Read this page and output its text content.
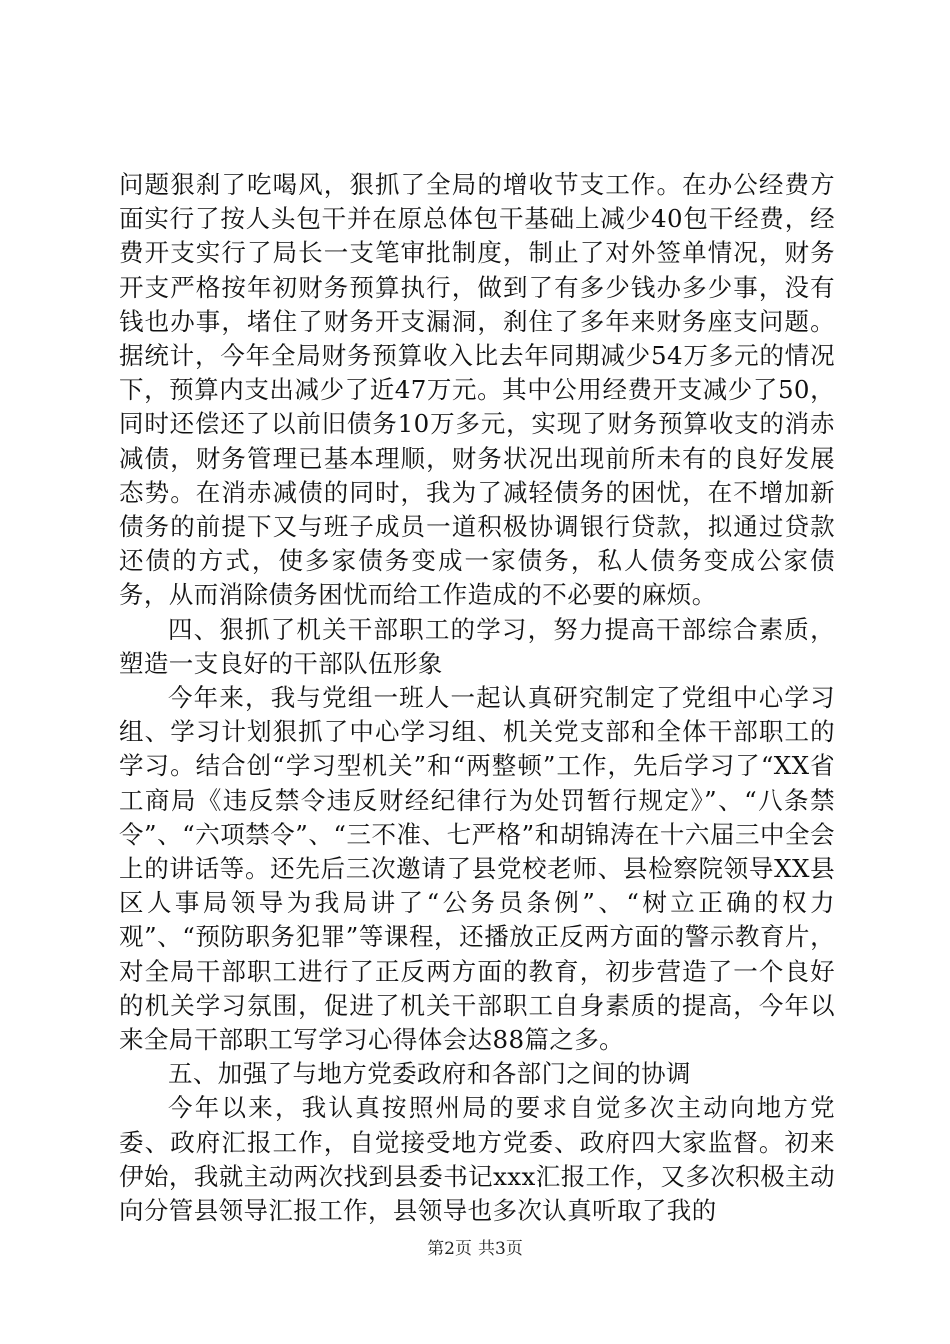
问题狠刹了吃喝风，狠抓了全局的增收节支工作。在办公经费方面实行了按人头包干并在原总体包干基础上减少40包干经费，经费开支实行了局长一支笔审批制度，制止了对外签单情况，财务开支严格按年初财务预算执行，做到了有多少钱办多少事，没有钱也办事，堵住了财务开支漏洞，刹住了多年来财务座支问题。据统计，今年全局财务预算收入比去年同期减少54万多元的情况下，预算内支出减少了近47万元。其中公用经费开支减少了50，同时还偿还了以前旧债务10万多元，实现了财务预算收支的消赤减债，财务管理已基本理顺，财务状况出现前所未有的良好发展态势。在消赤减债的同时，我为了减轻债务的困忧，在不增加新债务的前提下又与班子成员一道积极协调银行贷款，拟通过贷款还债的方式，使多家债务变成一家债务，私人债务变成公家债务，从而消除债务困忧而给工作造成的不必要的麻烦。

四、狠抓了机关干部职工的学习，努力提高干部综合素质，塑造一支良好的干部队伍形象

今年来，我与党组一班人一起认真研究制定了党组中心学习组、学习计划狠抓了中心学习组、机关党支部和全体干部职工的学习。结合创“学习型机关”和“两整顿”工作，先后学习了“XX省工商局《违反禁令违反财经纪律行为处罚暂行规定》”、“八条禁令”、“六项禁令”、“三不准、七严格”和胡锦涛在十六届三中全会上的讲话等。还先后三次邀请了县党校老师、县检察院领导XX县区人事局领导为我局讲了“公务员条例”、“树立正确的权力观”、“预防职务犯罪”等课程，还播放正反两方面的警示教育片，对全局干部职工进行了正反两方面的教育，初步营造了一个良好的机关学习氛围，促进了机关干部职工自身素质的提高，今年以来全局干部职工写学习心得体会达88篇之多。

五、加强了与地方党委政府和各部门之间的协调

今年以来，我认真按照州局的要求自觉多次主动向地方党委、政府汇报工作，自觉接受地方党委、政府四大家监督。初来伊始，我就主动两次找到县委书记xxx汇报工作，又多次积极主动向分管县领导汇报工作，县领导也多次认真听取了我的

第2页 共3页
